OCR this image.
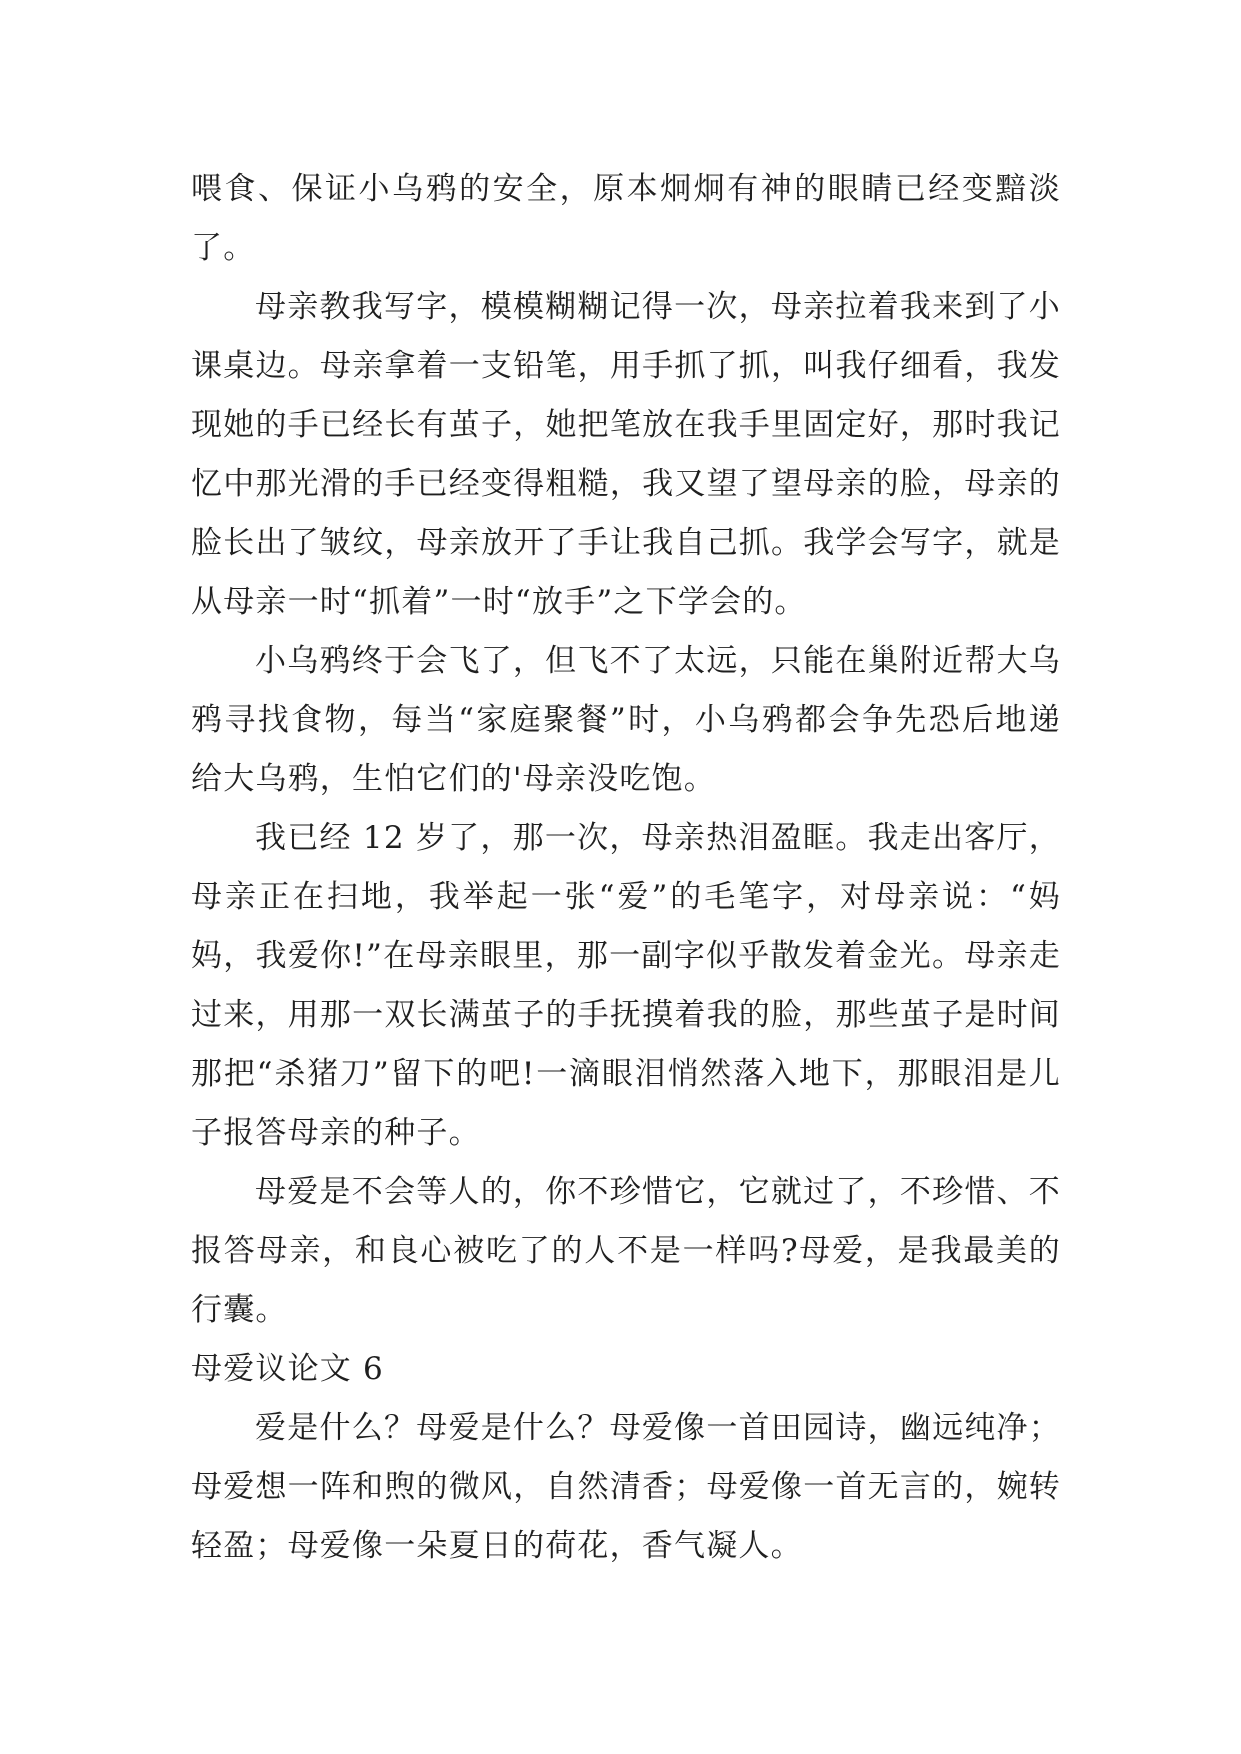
喂食、保证小乌鸦的安全，原本炯炯有神的眼睛已经变黯淡了。

母亲教我写字，模模糊糊记得一次，母亲拉着我来到了小课桌边。母亲拿着一支铅笔，用手抓了抓，叫我仔细看，我发现她的手已经长有茧子，她把笔放在我手里固定好，那时我记忆中那光滑的手已经变得粗糙，我又望了望母亲的脸，母亲的脸长出了皱纹，母亲放开了手让我自己抓。我学会写字，就是从母亲一时“抓着”一时“放手”之下学会的。

小乌鸦终于会飞了，但飞不了太远，只能在巢附近帮大乌鸦寻找食物，每当“家庭聚餐”时，小乌鸦都会争先恐后地递给大乌鸦，生怕它们的'母亲没吃饱。

我已经 12 岁了，那一次，母亲热泪盈眶。我走出客厅，母亲正在扫地，我举起一张“爱”的毛笔字，对母亲说：“妈妈，我爱你!”在母亲眼里，那一副字似乎散发着金光。母亲走过来，用那一双长满茧子的手抚摸着我的脸，那些茧子是时间那把“杀猪刀”留下的吧!一滴眼泪悄然落入地下，那眼泪是儿子报答母亲的种子。

母爱是不会等人的，你不珍惜它，它就过了，不珍惜、不报答母亲，和良心被吃了的人不是一样吗?母爱，是我最美的行囊。

母爱议论文 6

爱是什么？母爱是什么？母爱像一首田园诗，幽远纯净；母爱想一阵和煦的微风，自然清香；母爱像一首无言的，婉转轻盈；母爱像一朵夏日的荷花，香气凝人。
